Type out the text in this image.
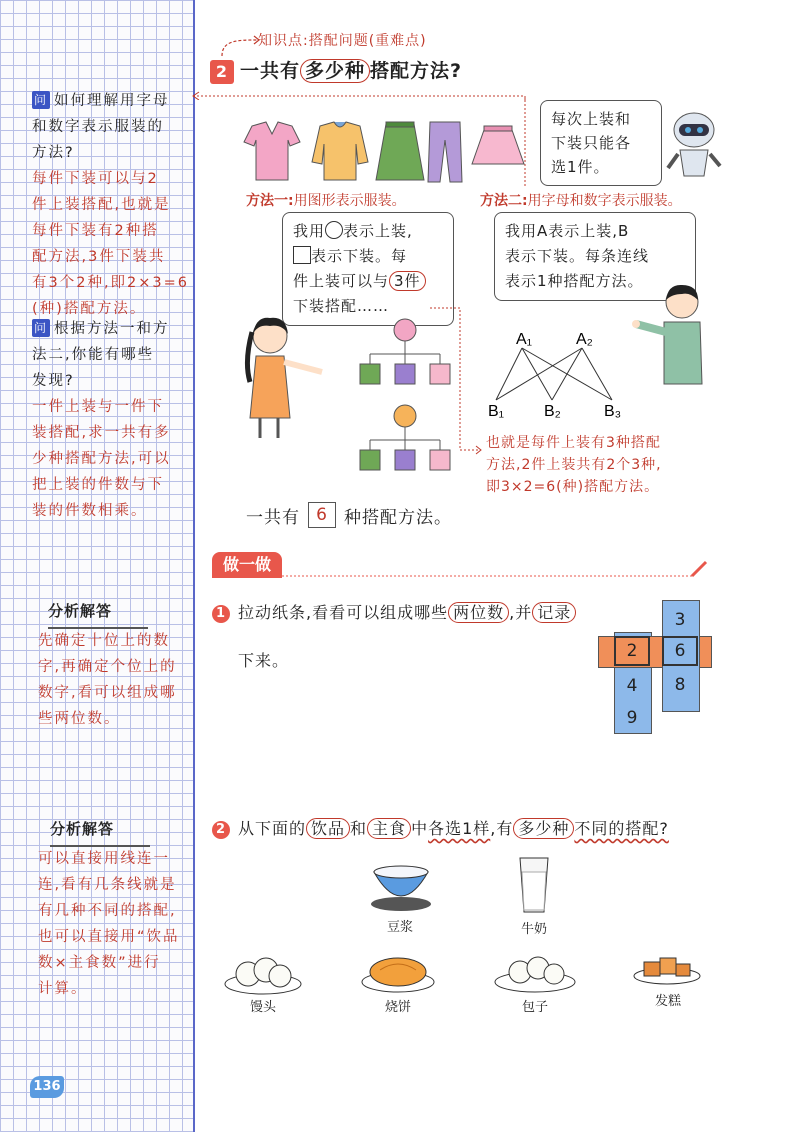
问 如何理解用字母
和数字表示服装的
方法?
每件下装可以与2
件上装搭配,也就是
每件下装有2种搭
配方法,3件下装共
有3个2种,即2×3=6
(种)搭配方法。
问 根据方法一和方
法二,你能有哪些
发现?
一件上装与一件下
装搭配,求一共有多
少种搭配方法,可以
把上装的件数与下
装的件数相乘。
分析解答
先确定十位上的数
字,再确定个位上的
数字,看可以组成哪
些两位数。
分析解答
可以直接用线连一
连,看有几条线就是
有几种不同的搭配,
也可以直接用“饮品
数×主食数”进行
计算。
136
知识点:搭配问题(重难点)
2 一共有 多少种 搭配方法?
每次上装和
下装只能各
选1件。
方法一:用图形表示服装。	方法二:用字母和数字表示服装。
我用 表示上装,
表示下装。每
件上装可以与 3件
下装搭配……
我用A表示上装,B
表示下装。每条连线
表示1种搭配方法。
A₁	A₂
B₁ B₂	B₃
也就是每件上装有3种搭配
方法,2件上装共有2个3种,
即3×2=6(种)搭配方法。
一共有 6 种搭配方法。
做一做
1 拉动纸条,看看可以组成哪些 两位数 ,并 记录
下来。	2
3
6
8
4
9
2 从下面的 饮品 和 主食 中各选1样,有 多少种 不同的搭配?
豆浆	牛奶
馒头	烧饼	包子	发糕
